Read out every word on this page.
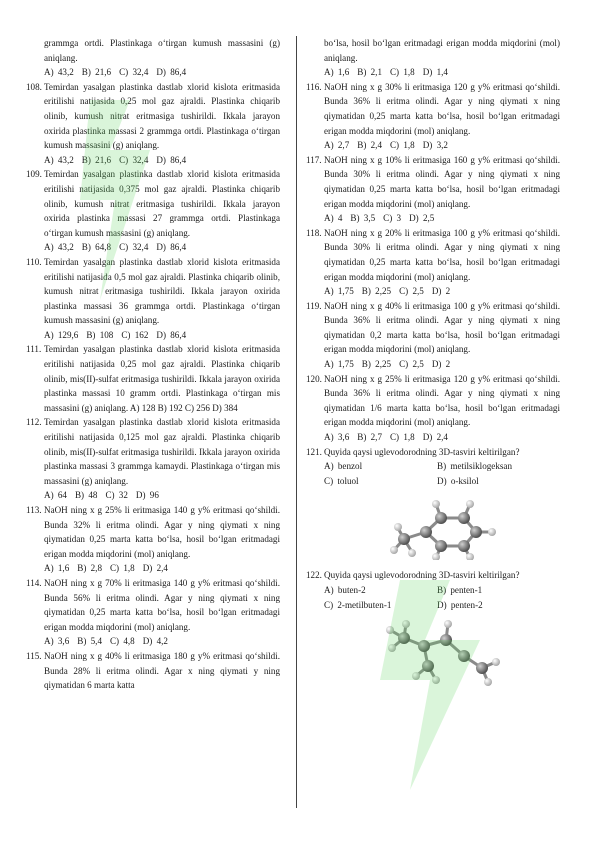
grammga ortdi. Plastinkaga o‘tirgan kumush massasini (g) aniqlang.
A) 43,2 B) 21,6 C) 32,4 D) 86,4
108. Temirdan yasalgan plastinka dastlab xlorid kislota eritmasida eritilishi natijasida 0,25 mol gaz ajraldi. Plastinka chiqarib olinib, kumush nitrat eritmasiga tushirildi. Ikkala jarayon oxirida plastinka massasi 2 grammga ortdi. Plastinkaga o‘tirgan kumush massasini (g) aniqlang.
A) 43,2 B) 21,6 C) 32,4 D) 86,4
109. Temirdan yasalgan plastinka dastlab xlorid kislota eritmasida eritilishi natijasida 0,375 mol gaz ajraldi. Plastinka chiqarib olinib, kumush nitrat eritmasiga tushirildi. Ikkala jarayon oxirida plastinka massasi 27 grammga ortdi. Plastinkaga o‘tirgan kumush massasini (g) aniqlang.
A) 43,2 B) 64,8 C) 32,4 D) 86,4
110. Temirdan yasalgan plastinka dastlab xlorid kislota eritmasida eritilishi natijasida 0,5 mol gaz ajraldi. Plastinka chiqarib olinib, kumush nitrat eritmasiga tushirildi. Ikkala jarayon oxirida plastinka massasi 36 grammga ortdi. Plastinkaga o‘tirgan kumush massasini (g) aniqlang.
A) 129,6 B) 108 C) 162 D) 86,4
111. Temirdan yasalgan plastinka dastlab xlorid kislota eritmasida eritilishi natijasida 0,25 mol gaz ajraldi. Plastinka chiqarib olinib, mis(II)-sulfat eritmasiga tushirildi. Ikkala jarayon oxirida plastinka massasi 10 gramm ortdi. Plastinkaga o‘tirgan mis massasini (g) aniqlang. A) 128 B) 192 C) 256 D) 384
112. Temirdan yasalgan plastinka dastlab xlorid kislota eritmasida eritilishi natijasida 0,125 mol gaz ajraldi. Plastinka chiqarib olinib, mis(II)-sulfat eritmasiga tushirildi. Ikkala jarayon oxirida plastinka massasi 3 grammga kamaydi. Plastinkaga o‘tirgan mis massasini (g) aniqlang.
A) 64 B) 48 C) 32 D) 96
113. NaOH ning x g 25% li eritmasiga 140 g y% eritmasi qo‘shildi. Bunda 32% li eritma olindi. Agar y ning qiymati x ning qiymatidan 0,25 marta katta bo‘lsa, hosil bo‘lgan eritmadagi erigan modda miqdorini (mol) aniqlang.
A) 1,6 B) 2,8 C) 1,8 D) 2,4
114. NaOH ning x g 70% li eritmasiga 140 g y% eritmasi qo‘shildi. Bunda 56% li eritma olindi. Agar y ning qiymati x ning qiymatidan 0,25 marta katta bo‘lsa, hosil bo‘lgan eritmadagi erigan modda miqdorini (mol) aniqlang.
A) 3,6 B) 5,4 C) 4,8 D) 4,2
115. NaOH ning x g 40% li eritmasiga 180 g y% eritmasi qo‘shildi. Bunda 28% li eritma olindi. Agar x ning qiymati y ning qiymatidan 6 marta katta
bo‘lsa, hosil bo‘lgan eritmadagi erigan modda miqdorini (mol) aniqlang.
A) 1,6 B) 2,1 C) 1,8 D) 1,4
116. NaOH ning x g 30% li eritmasiga 120 g y% eritmasi qo‘shildi. Bunda 36% li eritma olindi. Agar y ning qiymati x ning qiymatidan 0,25 marta katta bo‘lsa, hosil bo‘lgan eritmadagi erigan modda miqdorini (mol) aniqlang.
A) 2,7 B) 2,4 C) 1,8 D) 3,2
117. NaOH ning x g 10% li eritmasiga 160 g y% eritmasi qo‘shildi. Bunda 30% li eritma olindi. Agar y ning qiymati x ning qiymatidan 0,25 marta katta bo‘lsa, hosil bo‘lgan eritmadagi erigan modda miqdorini (mol) aniqlang.
A) 4 B) 3,5 C) 3 D) 2,5
118. NaOH ning x g 20% li eritmasiga 100 g y% eritmasi qo‘shildi. Bunda 30% li eritma olindi. Agar y ning qiymati x ning qiymatidan 0,25 marta katta bo‘lsa, hosil bo‘lgan eritmadagi erigan modda miqdorini (mol) aniqlang.
A) 1,75 B) 2,25 C) 2,5 D) 2
119. NaOH ning x g 40% li eritmasiga 100 g y% eritmasi qo‘shildi. Bunda 36% li eritma olindi. Agar y ning qiymati x ning qiymatidan 0,2 marta katta bo‘lsa, hosil bo‘lgan eritmadagi erigan modda miqdorini (mol) aniqlang.
A) 1,75 B) 2,25 C) 2,5 D) 2
120. NaOH ning x g 25% li eritmasiga 120 g y% eritmasi qo‘shildi. Bunda 36% li eritma olindi. Agar y ning qiymati x ning qiymatidan 1/6 marta katta bo‘lsa, hosil bo‘lgan eritmadagi erigan modda miqdorini (mol) aniqlang.
A) 3,6 B) 2,7 C) 1,8 D) 2,4
121. Quyida qaysi uglevodorodning 3D-tasviri keltirilgan?
A) benzol	B) metilsiklogeksan
C) toluol	D) o-ksilol
122. Quyida qaysi uglevodorodning 3D-tasviri keltirilgan?
A) buten-2	B) penten-1
C) 2-metilbuten-1	D) penten-2
